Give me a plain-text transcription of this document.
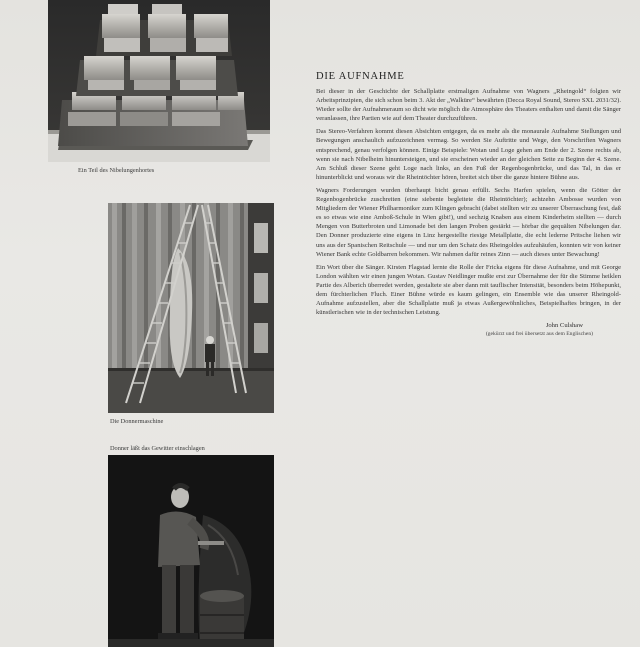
Ein Teil des Nibelungenhortes
Die Donnermaschine
Donner läßt das Gewitter einschlagen
DIE AUFNAHME

Bei dieser in der Geschichte der Schallplatte erstmaligen Aufnahme von Wagners „Rheingold“ folgten wir Arbeitsprinzipien, die sich schon beim 3. Akt der „Walküre“ bewährten (Decca Royal Sound, Stereo SXL 2031/32). Wieder sollte der Aufnahmeraum so dicht wie möglich die Atmosphäre des Theaters enthalten und damit die Sänger veranlassen, ihre Partien wie auf dem Theater durchzuführen.

Das Stereo-Verfahren kommt diesen Absichten entgegen, da es mehr als die monaurale Aufnahme Stellungen und Bewegungen anschaulich aufzuzeichnen vermag. So werden Sie Auftritte und Wege, den Vorschriften Wagners entsprechend, genau verfolgen können. Einige Beispiele: Wotan und Loge gehen am Ende der 2. Szene rechts ab, wenn sie nach Nibelheim hinuntersteigen, und sie erscheinen wieder an der gleichen Seite zu Beginn der 4. Szene. Am Schluß dieser Szene geht Loge nach links, an den Fuß der Regenbogenbrücke, und das Tal, in das er hinunterblickt und woraus wir die Rheintöchter hören, breitet sich über die ganze hintere Bühne aus.

Wagners Forderungen wurden überhaupt bicht genau erfüllt. Sechs Harfen spielen, wenn die Götter der Regenbogenbrücke zuschreiten (eine siebente begleitete die Rheintöchter); achtzehn Ambosse wurden von Mitgliedern der Wiener Philharmoniker zum Klingen gebracht (dabei stellten wir zu unserer Überraschung fest, daß es so etwas wie eine Amboß-Schule in Wien gibt!), und sechzig Knaben aus einem Kinderheim stellten — durch Mengen von Butterbroten und Limonade bei den langen Proben gestärkt — hörbar die gequälten Nibelungen dar. Den Donner produzierte eine eigens in Linz hergestellte riesige Metallplatte, die echt lederne Pritsche liehen wir uns aus der Spanischen Reitschule — und nur um den Schatz des Rheingoldes aufzuhäufen, konnten wir von keiner Wiener Bank echte Goldbarren bekommen. Wir nahmen dafür reines Zinn — auch dieses unter Bewachung!

Ein Wort über die Sänger. Kirsten Flagstad lernte die Rolle der Fricka eigens für diese Aufnahme, und mit George London wählten wir einen jungen Wotan. Gustav Neidlinger mußte erst zur Übernahme der für die Stimme heiklen Partie des Alberich überredet werden, gestaltete sie aber dann mit tauflischer Intensität, besonders beim Höhepunkt, dem fürchterlichen Fluch. Einer Bühne würde es kaum gelingen, ein Ensemble wie das unserer Rheingold-Aufnahme aufzustellen, aber die Schallplatte muß ja etwas Außergewöhnliches, Beispielhaftes bringen, in der künstlerischen wie in der technischen Leistung.

John Culshaw
(gekürzt und frei übersetzt aus dem Englischen)
